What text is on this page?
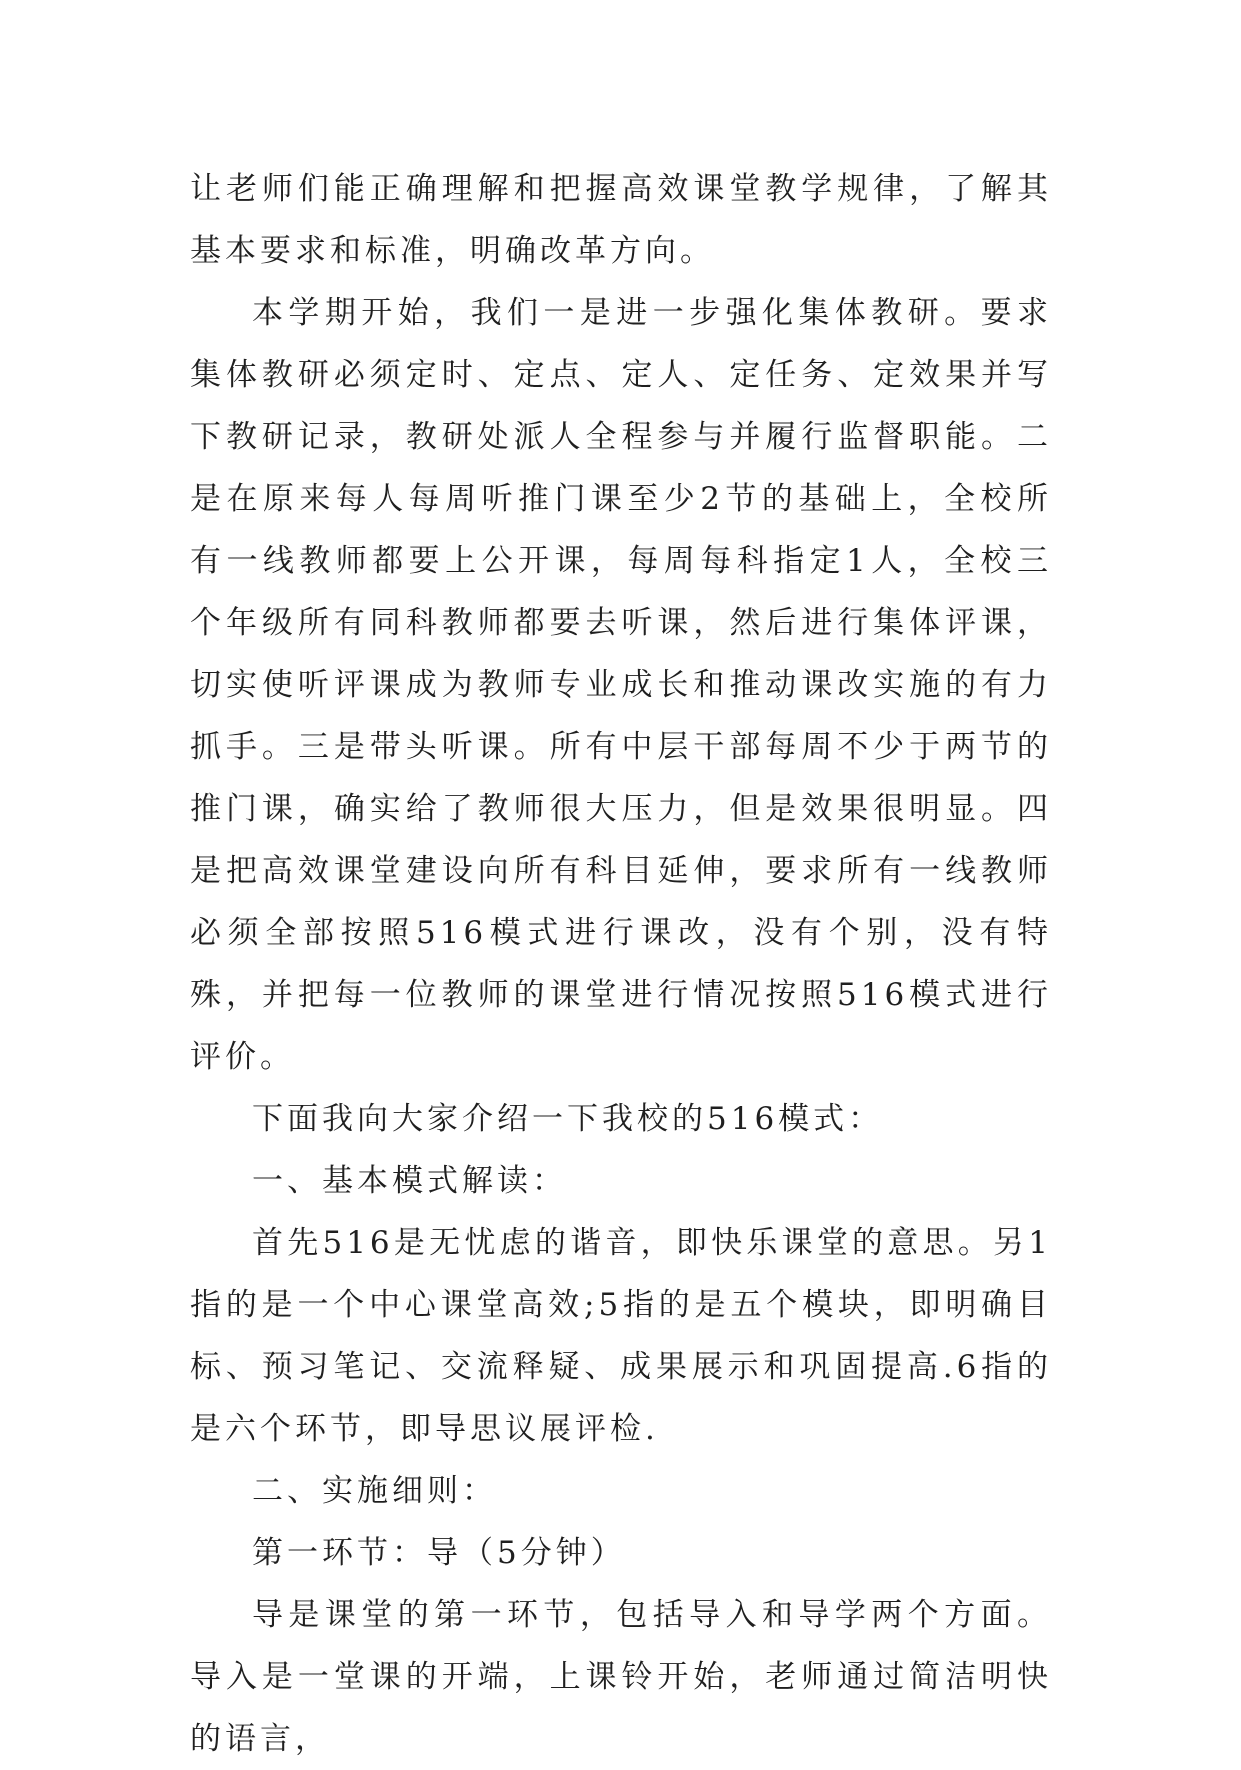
让老师们能正确理解和把握高效课堂教学规律，了解其基本要求和标准，明确改革方向。

本学期开始，我们一是进一步强化集体教研。要求集体教研必须定时、定点、定人、定任务、定效果并写下教研记录，教研处派人全程参与并履行监督职能。二是在原来每人每周听推门课至少2节的基础上，全校所有一线教师都要上公开课，每周每科指定1人，全校三个年级所有同科教师都要去听课，然后进行集体评课，切实使听评课成为教师专业成长和推动课改实施的有力抓手。三是带头听课。所有中层干部每周不少于两节的推门课，确实给了教师很大压力，但是效果很明显。四是把高效课堂建设向所有科目延伸，要求所有一线教师必须全部按照516模式进行课改，没有个别，没有特殊，并把每一位教师的课堂进行情况按照516模式进行评价。

下面我向大家介绍一下我校的516模式：

一、基本模式解读：

首先516是无忧虑的谐音，即快乐课堂的意思。另1指的是一个中心课堂高效;5指的是五个模块，即明确目标、预习笔记、交流释疑、成果展示和巩固提高.6指的是六个环节，即导思议展评检.

二、实施细则：

第一环节：导（5分钟）

导是课堂的第一环节，包括导入和导学两个方面。导入是一堂课的开端，上课铃开始，老师通过简洁明快的语言，
